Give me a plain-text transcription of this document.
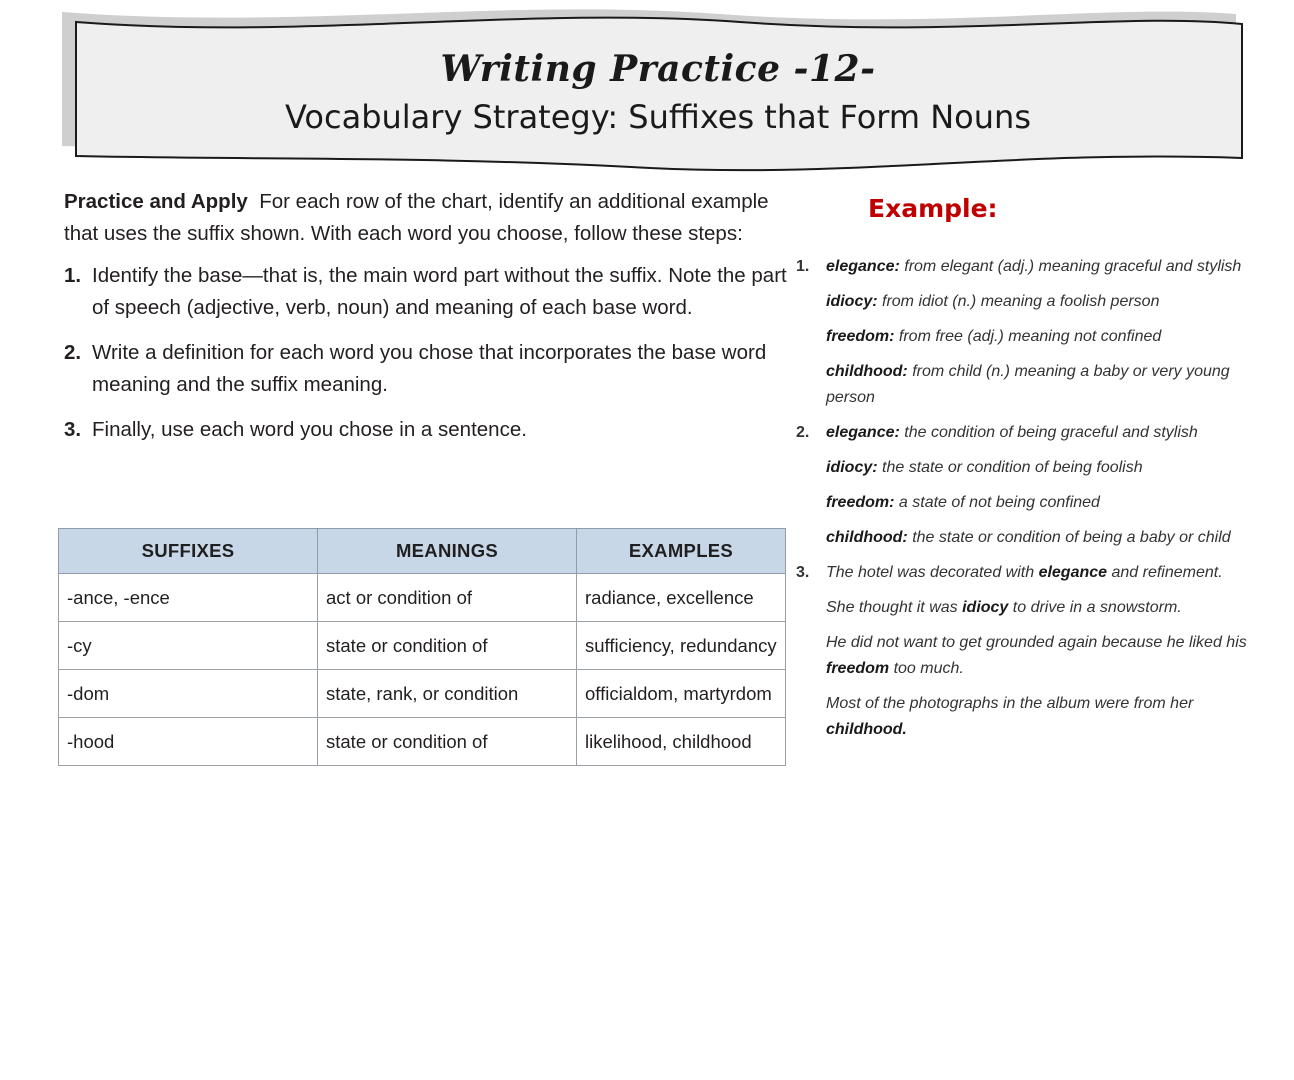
Writing Practice -12-
Vocabulary Strategy: Suffixes that Form Nouns

Practice and Apply For each row of the chart, identify an additional example that uses the suffix shown. With each word you choose, follow these steps:

1. Identify the base—that is, the main word part without the suffix. Note the part of speech (adjective, verb, noun) and meaning of each base word.
2. Write a definition for each word you chose that incorporates the base word meaning and the suffix meaning.
3. Finally, use each word you chose in a sentence.
SUFFIXES	MEANINGS	EXAMPLES
-ance, -ence	act or condition of	radiance, excellence
-cy	state or condition of	sufficiency, redundancy
-dom	state, rank, or condition	officialdom, martyrdom
-hood	state or condition of	likelihood, childhood
Example:
1. elegance: from elegant (adj.) meaning graceful and stylish
idiocy: from idiot (n.) meaning a foolish person
freedom: from free (adj.) meaning not confined
childhood: from child (n.) meaning a baby or very young person
2. elegance: the condition of being graceful and stylish
idiocy: the state or condition of being foolish
freedom: a state of not being confined
childhood: the state or condition of being a baby or child
3. The hotel was decorated with elegance and refinement.
She thought it was idiocy to drive in a snowstorm.
He did not want to get grounded again because he liked his freedom too much.
Most of the photographs in the album were from her childhood.
